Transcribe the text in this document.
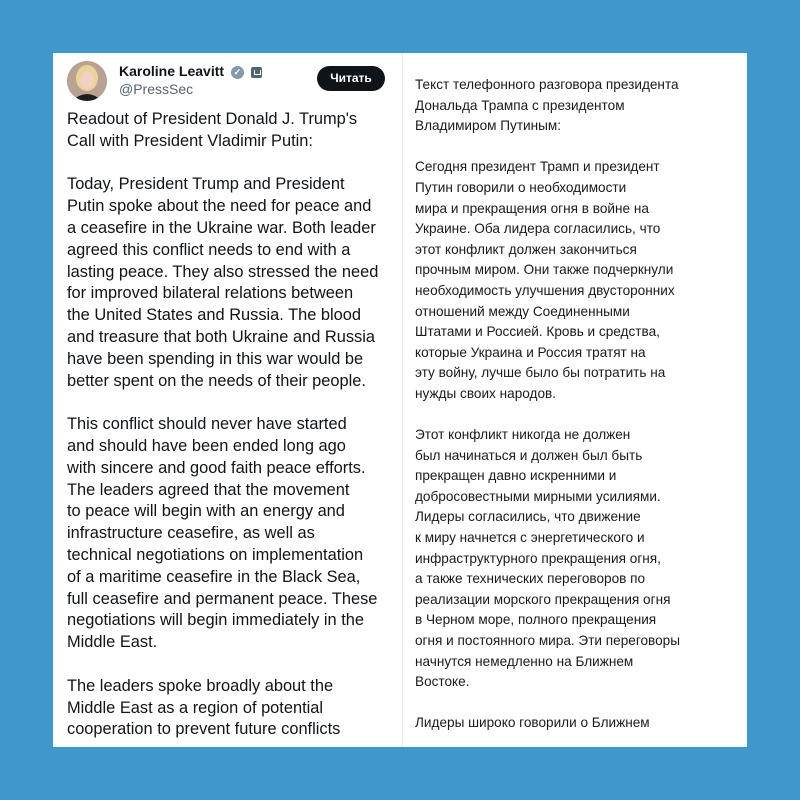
Karoline Leavitt ✓
@PressSec
Читать

Readout of President Donald J. Trump's
Call with President Vladimir Putin:

Today, President Trump and President
Putin spoke about the need for peace and
a ceasefire in the Ukraine war. Both leader
agreed this conflict needs to end with a
lasting peace. They also stressed the need
for improved bilateral relations between
the United States and Russia. The blood
and treasure that both Ukraine and Russia
have been spending in this war would be
better spent on the needs of their people.

This conflict should never have started
and should have been ended long ago
with sincere and good faith peace efforts.
The leaders agreed that the movement
to peace will begin with an energy and
infrastructure ceasefire, as well as
technical negotiations on implementation
of a maritime ceasefire in the Black Sea,
full ceasefire and permanent peace. These
negotiations will begin immediately in the
Middle East.

The leaders spoke broadly about the
Middle East as a region of potential
cooperation to prevent future conflicts

Текст телефонного разговора президента
Дональда Трампа с президентом
Владимиром Путиным:

Сегодня президент Трамп и президент
Путин говорили о необходимости
мира и прекращения огня в войне на
Украине. Оба лидера согласились, что
этот конфликт должен закончиться
прочным миром. Они также подчеркнули
необходимость улучшения двусторонних
отношений между Соединенными
Штатами и Россией. Кровь и средства,
которые Украина и Россия тратят на
эту войну, лучше было бы потратить на
нужды своих народов.

Этот конфликт никогда не должен
был начинаться и должен был быть
прекращен давно искренними и
добросовестными мирными усилиями.
Лидеры согласились, что движение
к миру начнется с энергетического и
инфраструктурного прекращения огня,
а также технических переговоров по
реализации морского прекращения огня
в Черном море, полного прекращения
огня и постоянного мира. Эти переговоры
начнутся немедленно на Ближнем
Востоке.

Лидеры широко говорили о Ближнем
